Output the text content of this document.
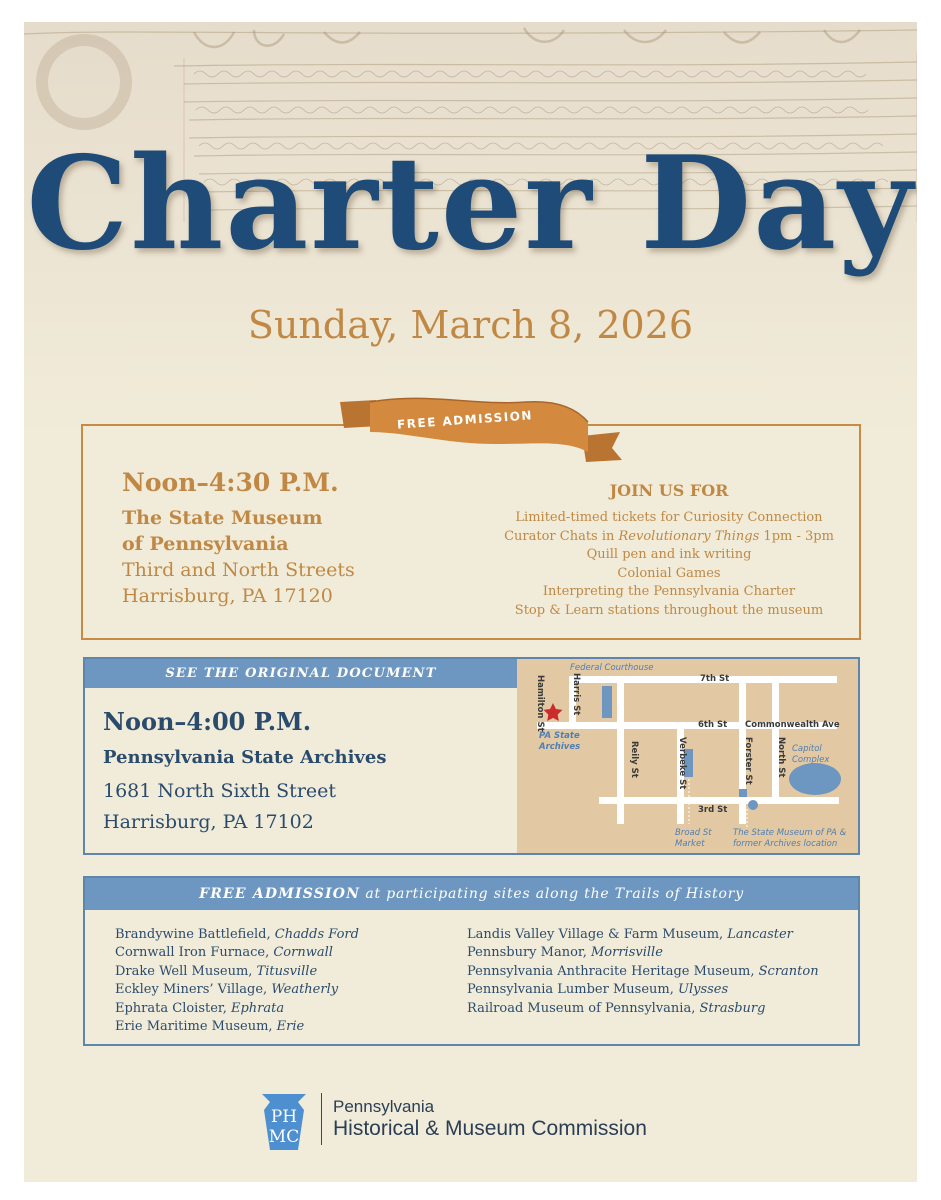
Charter Day
Sunday, March 8, 2026
FREE ADMISSION
Noon–4:30 P.M.
The State Museum
of Pennsylvania
Third and North Streets
Harrisburg, PA 17120
JOIN US FOR
Limited-timed tickets for Curiosity Connection
Curator Chats in Revolutionary Things 1pm - 3pm
Quill pen and ink writing
Colonial Games
Interpreting the Pennsylvania Charter
Stop & Learn stations throughout the museum
SEE THE ORIGINAL DOCUMENT
Noon–4:00 P.M.
Pennsylvania State Archives
1681 North Sixth Street
Harrisburg, PA 17102
Federal Courthouse
7th St
6th St Commonwealth Ave
3rd St
Hamilton St	Harris St
Reily St	Verbeke St	Forster St	North St
PA State
Archives	Capitol
Complex
Broad St
Market
The State Museum of PA &
former Archives location
FREE ADMISSION at participating sites along the Trails of History
Brandywine Battlefield, Chadds Ford
Cornwall Iron Furnace, Cornwall
Drake Well Museum, Titusville
Eckley Miners’ Village, Weatherly
Ephrata Cloister, Ephrata
Erie Maritime Museum, Erie
Landis Valley Village & Farm Museum, Lancaster
Pennsbury Manor, Morrisville
Pennsylvania Anthracite Heritage Museum, Scranton
Pennsylvania Lumber Museum, Ulysses
Railroad Museum of Pennsylvania, Strasburg
PH
MC
Pennsylvania
Historical & Museum Commission
